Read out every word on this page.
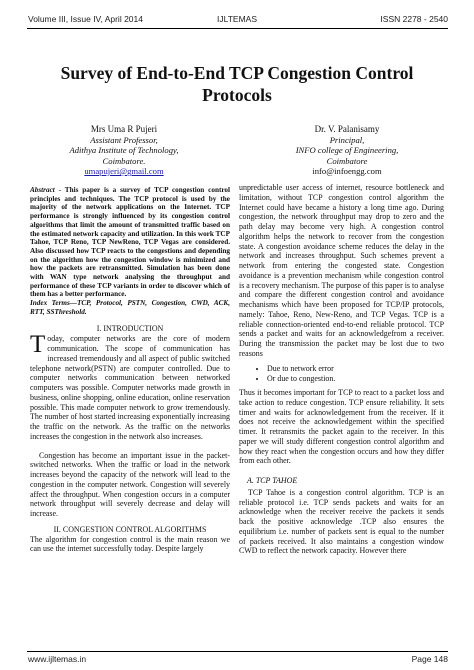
Volume III, Issue IV, April 2014	IJLTEMAS	ISSN 2278 - 2540
Survey of End-to-End TCP Congestion Control Protocols
Mrs Uma R Pujeri
Assistant Professor,
Adithya Institute of Technology,
Coimbatore.
umapujeri@gmail.com
Dr. V. Palanisamy
Principal,
INFO college of Engineering,
Coimbatore
info@infoengg.com

Abstract - This paper is a survey of TCP congestion control principles and techniques. The TCP protocol is used by the majority of the network applications on the Internet. TCP performance is strongly influenced by its congestion control algorithms that limit the amount of transmitted traffic based on the estimated network capacity and utilization. In this work TCP Tahoe, TCP Reno, TCP NewReno, TCP Vegas are considered. Also discussed how TCP reacts to the congestions and depending on the algorithm how the congestion window is minimized and how the packets are retransmitted. Simulation has been done with WAN type network analysing the throughput and performance of these TCP variants in order to discover which of them has a better performance.

Index Terms—TCP, Protocol, PSTN, Congestion, CWD, ACK, RTT, SSThreshold.

I. INTRODUCTION

Today, computer networks are the core of modern communication. The scope of communication has increased tremendously and all aspect of public switched telephone network(PSTN) are computer controlled. Due to computer networks communication between networked computers was possible. Computer networks made growth in business, online shopping, online education, online reservation possible. This made computer network to grow tremendously. The number of host started increasing exponentially increasing the traffic on the network. As the traffic on the networks increases the congestion in the network also increases.

Congestion has become an important issue in the packet-switched networks. When the traffic or load in the network increases beyond the capacity of the network will lead to the congestion in the computer network. Congestion will severely affect the throughput. When congestion occurs in a computer network throughput will severely decrease and delay will increase.

II. CONGESTION CONTROL ALGORITHMS

The algorithm for congestion control is the main reason we can use the internet successfully today. Despite largely

unpredictable user access of internet, resource bottleneck and limitation, without TCP congestion control algorithm the Internet could have became a history a long time ago. During congestion, the network throughput may drop to zero and the path delay may become very high. A congestion control algorithm helps the network to recover from the congestion state. A congestion avoidance scheme reduces the delay in the network and increases throughput. Such schemes prevent a network from entering the congested state. Congestion avoidance is a prevention mechanism while congestion control is a recovery mechanism. The purpose of this paper is to analyse and compare the different congestion control and avoidance mechanisms which have been proposed for TCP/IP protocols, namely: Tahoe, Reno, New-Reno, and TCP Vegas. TCP is a reliable connection-oriented end-to-end reliable protocol. TCP sends a packet and waits for an acknowledgefrom a receiver. During the transmission the packet may be lost due to two reasons

• Due to network error
• Or due to congestion.

Thus it becomes important for TCP to react to a packet loss and take action to reduce congestion. TCP ensure reliability. It sets timer and waits for acknowledgement from the receiver. If it does not receive the acknowledgement within the specified timer. It retransmits the packet again to the receiver. In this paper we will study different congestion control algorithm and how they react when the congestion occurs and how they differ from each other.

A. TCP TAHOE

TCP Tahoe is a congestion control algorithm. TCP is an reliable protocol i.e. TCP sends packets and waits for an acknowledge when the receiver receive the packets it sends back the positive acknowledge .TCP also ensures the equilibrium i.e. number of packets sent is equal to the number of packets received. It also maintains a congestion window CWD to reflect the network capacity. However there

www.ijltemas.in	Page 148
